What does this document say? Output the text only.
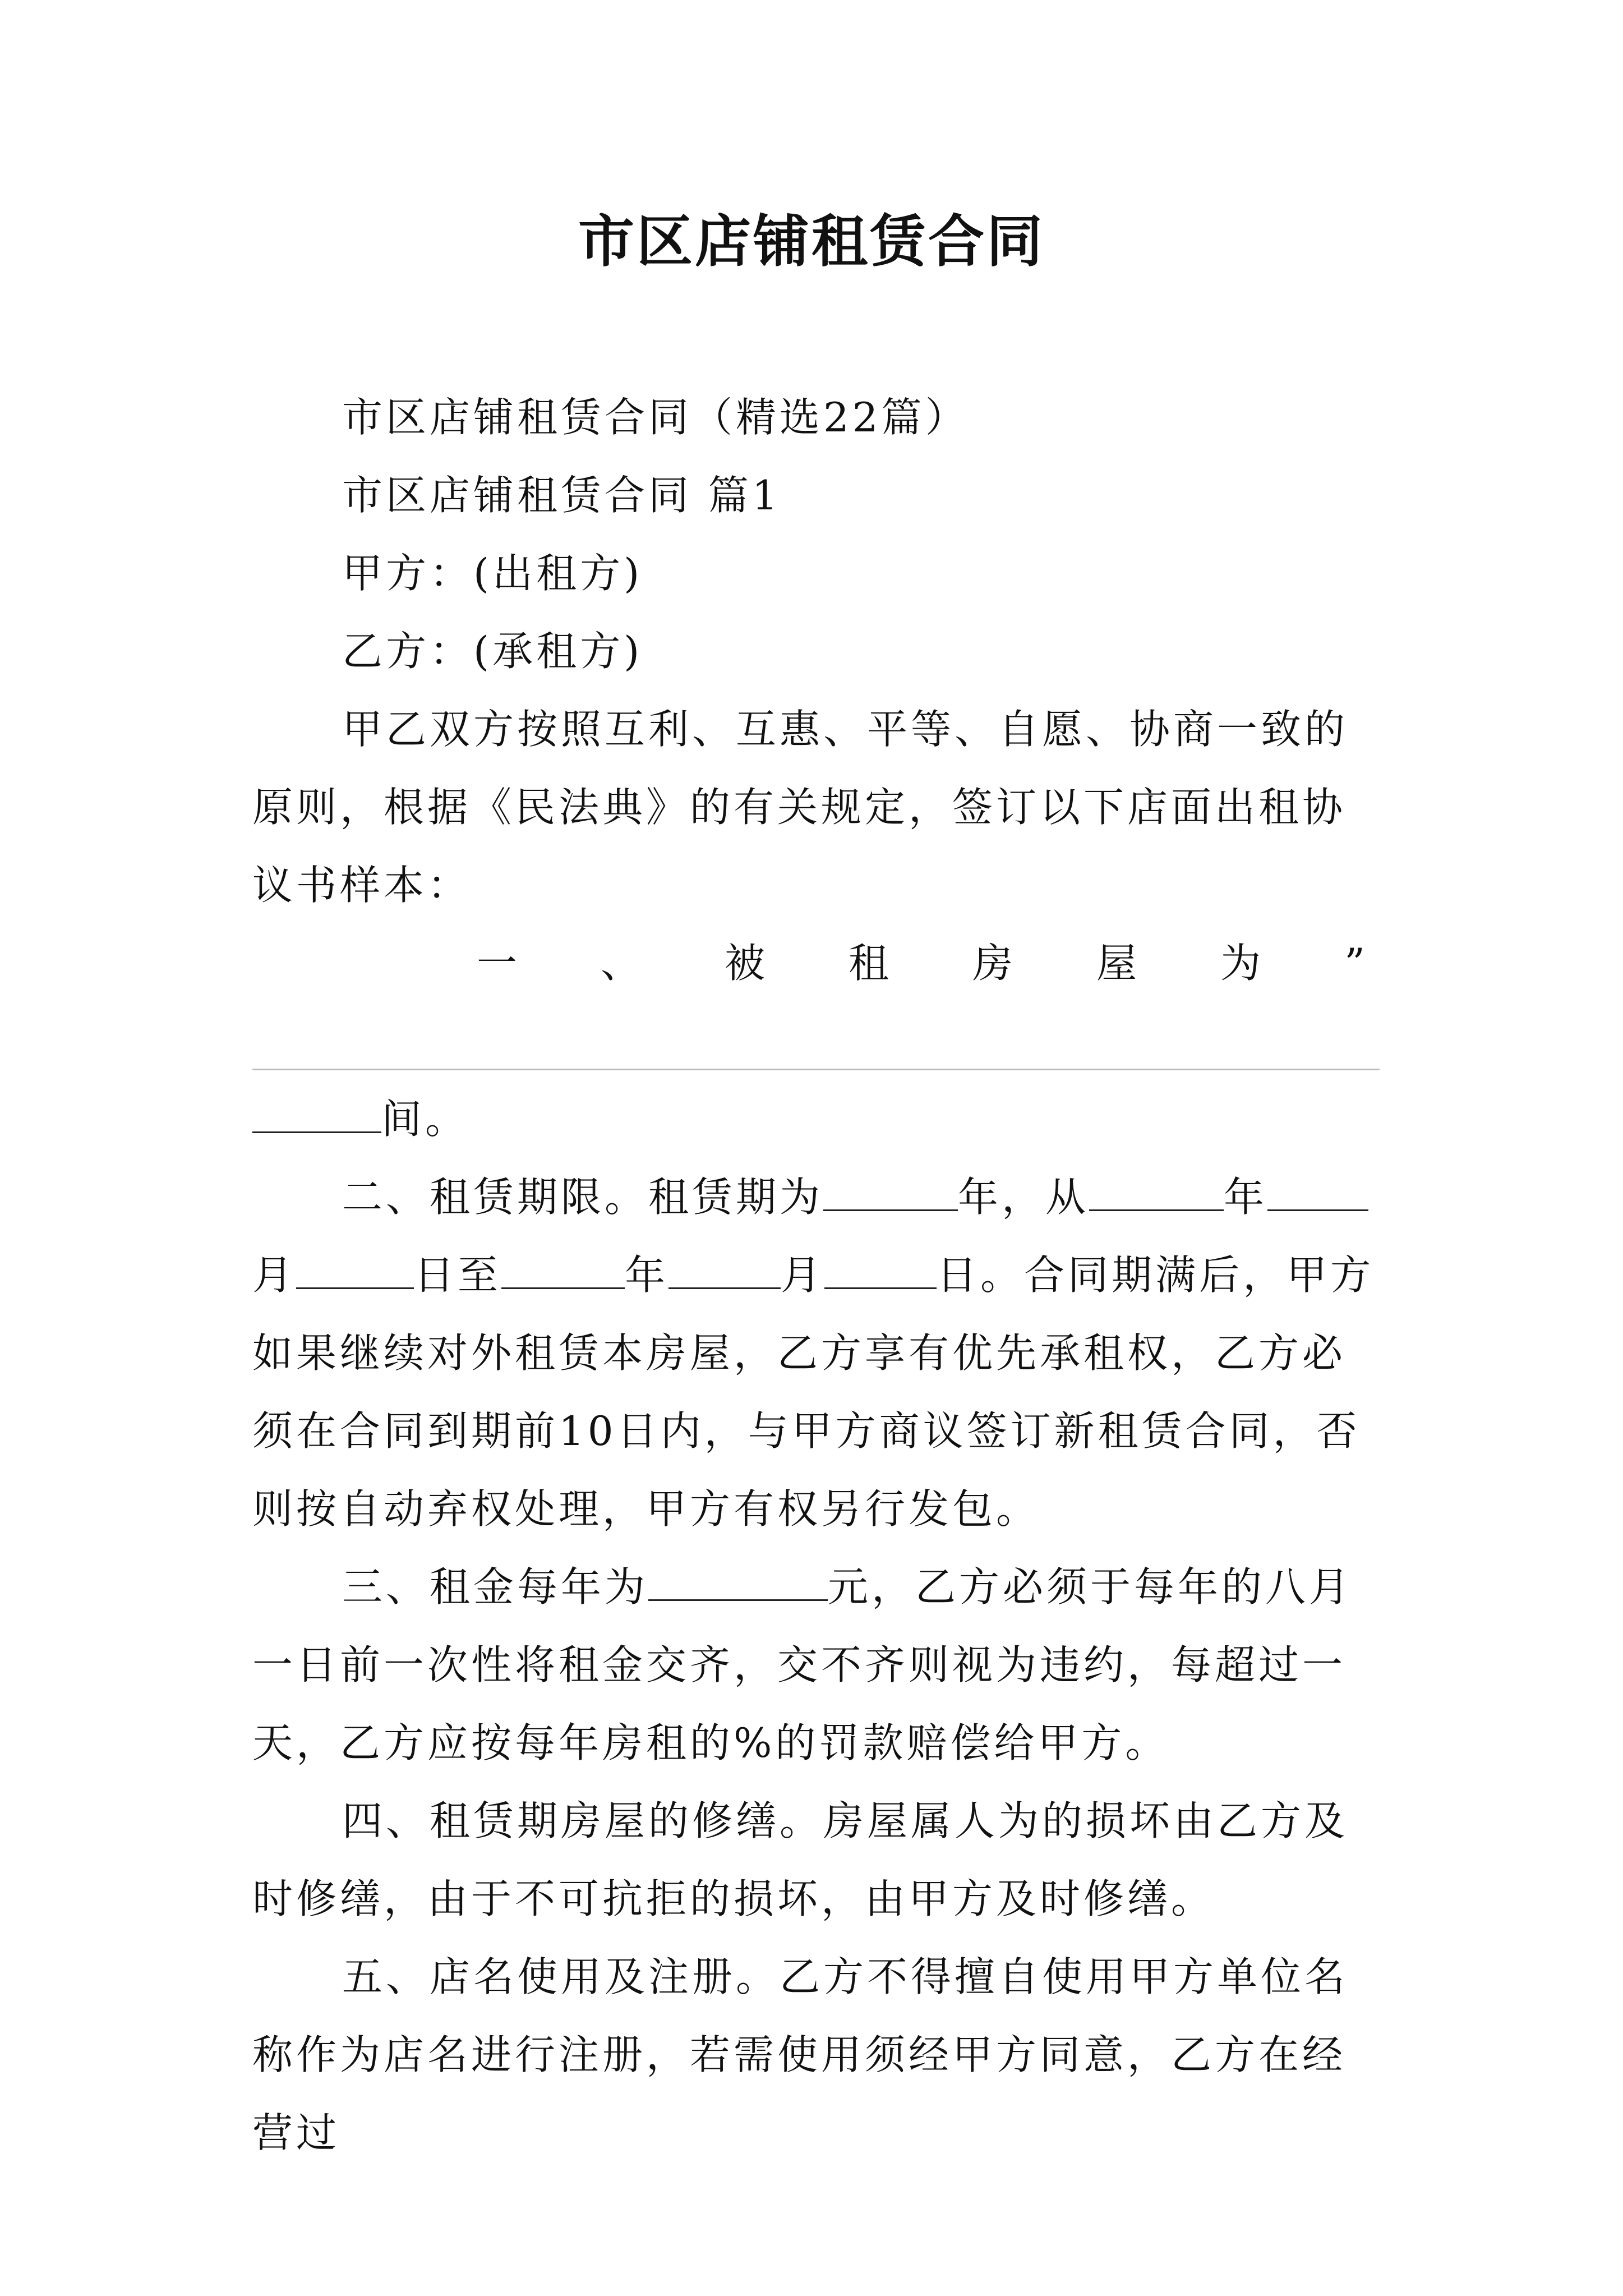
市区店铺租赁合同

市区店铺租赁合同（精选22篇）

市区店铺租赁合同 篇1

甲方：(出租方)

乙方：(承租方)

甲乙双方按照互利、互惠、平等、自愿、协商一致的原则，根据《民法典》的有关规定，签订以下店面出租协议书样本：

一 、 被 租 房 屋 为 ”

间。

二、租赁期限。租赁期为	年，从	年月	日至	年	月	日。合同期满后，甲方如果继续对外租赁本房屋，乙方享有优先承租权，乙方必须在合同到期前10日内，与甲方商议签订新租赁合同，否则按自动弃权处理，甲方有权另行发包。

三、租金每年为	元，乙方必须于每年的八月一日前一次性将租金交齐，交不齐则视为违约，每超过一天，乙方应按每年房租的%的罚款赔偿给甲方。

四、租赁期房屋的修缮。房屋属人为的损坏由乙方及时修缮，由于不可抗拒的损坏，由甲方及时修缮。

五、店名使用及注册。乙方不得擅自使用甲方单位名称作为店名进行注册，若需使用须经甲方同意，乙方在经营过
